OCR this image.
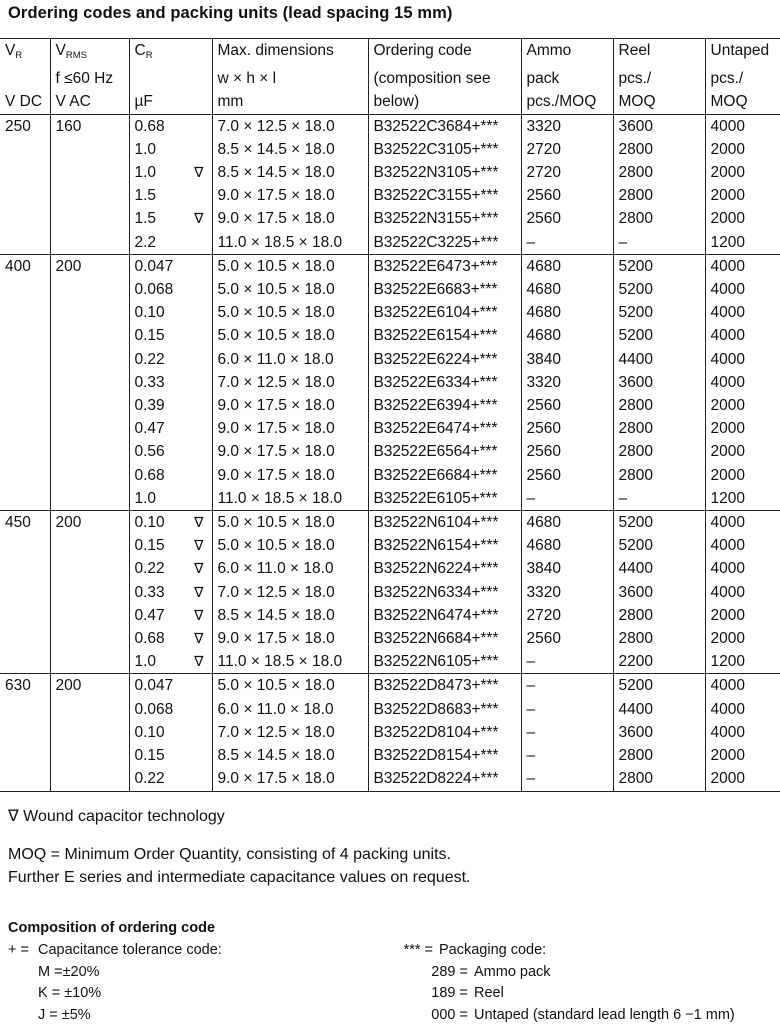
Ordering codes and packing units (lead spacing 15 mm)
$V_R$	$V_{RMS}$	$C_R$	Max. dimensions	Ordering code	Ammo	Reel	Untaped
	f ≤60 Hz		w × h × l	(composition see	pack	pcs./	pcs./
V DC	V AC	µF	mm	below)	pcs./MOQ	MOQ	MOQ
250	160	0.68	7.0 × 12.5 × 18.0	B32522C3684+***	3320	3600	4000
		1.0	8.5 × 14.5 × 18.0	B32522C3105+***	2720	2800	2000
		1.0 ∇	8.5 × 14.5 × 18.0	B32522N3105+***	2720	2800	2000
		1.5	9.0 × 17.5 × 18.0	B32522C3155+***	2560	2800	2000
		1.5 ∇	9.0 × 17.5 × 18.0	B32522N3155+***	2560	2800	2000
		2.2	11.0 × 18.5 × 18.0	B32522C3225+***	–	–	1200
400	200	0.047	5.0 × 10.5 × 18.0	B32522E6473+***	4680	5200	4000
		0.068	5.0 × 10.5 × 18.0	B32522E6683+***	4680	5200	4000
		0.10	5.0 × 10.5 × 18.0	B32522E6104+***	4680	5200	4000
		0.15	5.0 × 10.5 × 18.0	B32522E6154+***	4680	5200	4000
		0.22	6.0 × 11.0 × 18.0	B32522E6224+***	3840	4400	4000
		0.33	7.0 × 12.5 × 18.0	B32522E6334+***	3320	3600	4000
		0.39	9.0 × 17.5 × 18.0	B32522E6394+***	2560	2800	2000
		0.47	9.0 × 17.5 × 18.0	B32522E6474+***	2560	2800	2000
		0.56	9.0 × 17.5 × 18.0	B32522E6564+***	2560	2800	2000
		0.68	9.0 × 17.5 × 18.0	B32522E6684+***	2560	2800	2000
		1.0	11.0 × 18.5 × 18.0	B32522E6105+***	–	–	1200
450	200	0.10 ∇	5.0 × 10.5 × 18.0	B32522N6104+***	4680	5200	4000
		0.15 ∇	5.0 × 10.5 × 18.0	B32522N6154+***	4680	5200	4000
		0.22 ∇	6.0 × 11.0 × 18.0	B32522N6224+***	3840	4400	4000
		0.33 ∇	7.0 × 12.5 × 18.0	B32522N6334+***	3320	3600	4000
		0.47 ∇	8.5 × 14.5 × 18.0	B32522N6474+***	2720	2800	2000
		0.68 ∇	9.0 × 17.5 × 18.0	B32522N6684+***	2560	2800	2000
		1.0 ∇	11.0 × 18.5 × 18.0	B32522N6105+***	–	2200	1200
630	200	0.047	5.0 × 10.5 × 18.0	B32522D8473+***	–	5200	4000
		0.068	6.0 × 11.0 × 18.0	B32522D8683+***	–	4400	4000
		0.10	7.0 × 12.5 × 18.0	B32522D8104+***	–	3600	4000
		0.15	8.5 × 14.5 × 18.0	B32522D8154+***	–	2800	2000
		0.22	9.0 × 17.5 × 18.0	B32522D8224+***	–	2800	2000
∇ Wound capacitor technology
MOQ = Minimum Order Quantity, consisting of 4 packing units.
Further E series and intermediate capacitance values on request.
Composition of ordering code
+ = Capacitance tolerance code:
M =±20%
K = ±10%
J = ±5%
*** = Packaging code:
289 = Ammo pack
189 = Reel
000 = Untaped (standard lead length 6 −1 mm)
